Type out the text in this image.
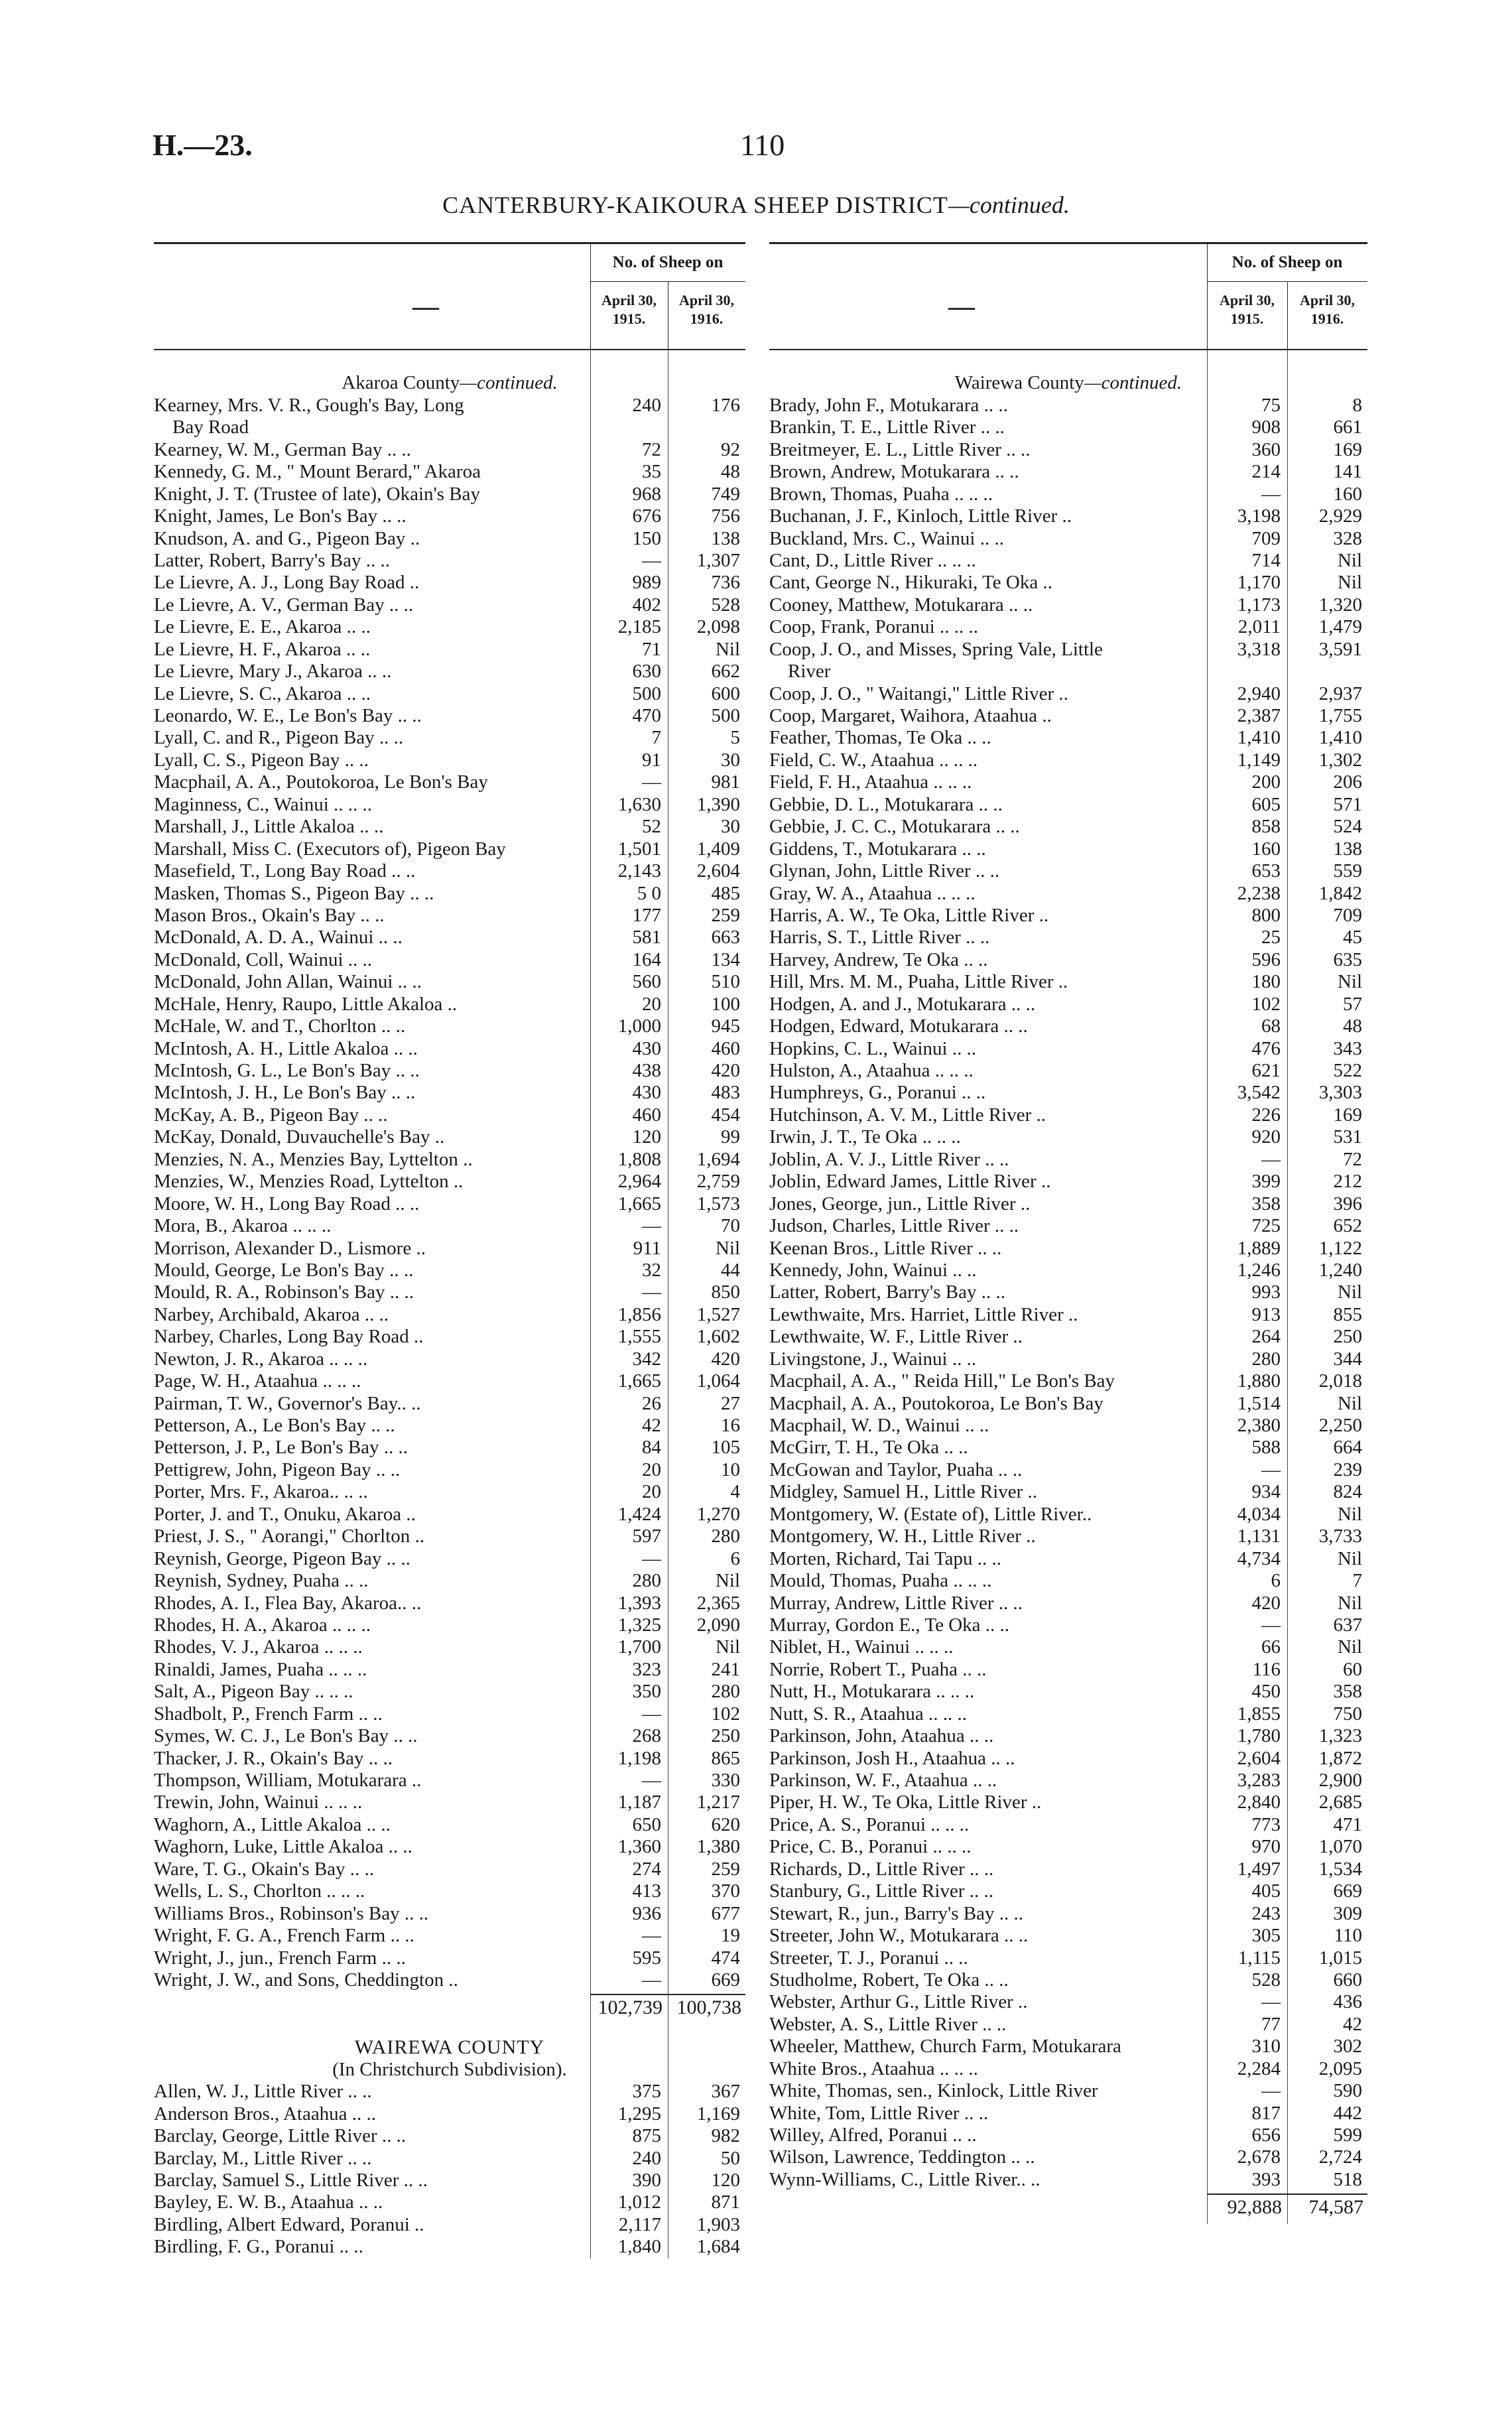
H.—23.	110
CANTERBURY-KAIKOURA SHEEP DISTRICT—continued.
—
No. of Sheep on
April 30,
1915.
April 30,
1916.
Akaroa County—continued.
Kearney, Mrs. V. R., Gough's Bay, Long	240	176
Bay Road
Kearney, W. M., German Bay .. ..	72	92
Kennedy, G. M., " Mount Berard," Akaroa	35	48
Knight, J. T. (Trustee of late), Okain's Bay	968	749
Knight, James, Le Bon's Bay .. ..	676	756
Knudson, A. and G., Pigeon Bay ..	150	138
Latter, Robert, Barry's Bay .. ..	—	1,307
Le Lievre, A. J., Long Bay Road ..	989	736
Le Lievre, A. V., German Bay .. ..	402	528
Le Lievre, E. E., Akaroa .. ..	2,185	2,098
Le Lievre, H. F., Akaroa .. ..	71	Nil
Le Lievre, Mary J., Akaroa .. ..	630	662
Le Lievre, S. C., Akaroa .. ..	500	600
Leonardo, W. E., Le Bon's Bay .. ..	470	500
Lyall, C. and R., Pigeon Bay .. ..	7	5
Lyall, C. S., Pigeon Bay .. ..	91	30
Macphail, A. A., Poutokoroa, Le Bon's Bay	—	981
Maginness, C., Wainui .. .. ..	1,630	1,390
Marshall, J., Little Akaloa .. ..	52	30
Marshall, Miss C. (Executors of), Pigeon Bay	1,501	1,409
Masefield, T., Long Bay Road .. ..	2,143	2,604
Masken, Thomas S., Pigeon Bay .. ..	5 0	485
Mason Bros., Okain's Bay .. ..	177	259
McDonald, A. D. A., Wainui .. ..	581	663
McDonald, Coll, Wainui .. ..	164	134
McDonald, John Allan, Wainui .. ..	560	510
McHale, Henry, Raupo, Little Akaloa ..	20	100
McHale, W. and T., Chorlton .. ..	1,000	945
McIntosh, A. H., Little Akaloa .. ..	430	460
McIntosh, G. L., Le Bon's Bay .. ..	438	420
McIntosh, J. H., Le Bon's Bay .. ..	430	483
McKay, A. B., Pigeon Bay .. ..	460	454
McKay, Donald, Duvauchelle's Bay ..	120	99
Menzies, N. A., Menzies Bay, Lyttelton ..	1,808	1,694
Menzies, W., Menzies Road, Lyttelton ..	2,964	2,759
Moore, W. H., Long Bay Road .. ..	1,665	1,573
Mora, B., Akaroa .. .. ..	—	70
Morrison, Alexander D., Lismore ..	911	Nil
Mould, George, Le Bon's Bay .. ..	32	44
Mould, R. A., Robinson's Bay .. ..	—	850
Narbey, Archibald, Akaroa .. ..	1,856	1,527
Narbey, Charles, Long Bay Road ..	1,555	1,602
Newton, J. R., Akaroa .. .. ..	342	420
Page, W. H., Ataahua .. .. ..	1,665	1,064
Pairman, T. W., Governor's Bay.. ..	26	27
Petterson, A., Le Bon's Bay .. ..	42	16
Petterson, J. P., Le Bon's Bay .. ..	84	105
Pettigrew, John, Pigeon Bay .. ..	20	10
Porter, Mrs. F., Akaroa.. .. ..	20	4
Porter, J. and T., Onuku, Akaroa ..	1,424	1,270
Priest, J. S., " Aorangi," Chorlton ..	597	280
Reynish, George, Pigeon Bay .. ..	—	6
Reynish, Sydney, Puaha .. ..	280	Nil
Rhodes, A. I., Flea Bay, Akaroa.. ..	1,393	2,365
Rhodes, H. A., Akaroa .. .. ..	1,325	2,090
Rhodes, V. J., Akaroa .. .. ..	1,700	Nil
Rinaldi, James, Puaha .. .. ..	323	241
Salt, A., Pigeon Bay .. .. ..	350	280
Shadbolt, P., French Farm .. ..	—	102
Symes, W. C. J., Le Bon's Bay .. ..	268	250
Thacker, J. R., Okain's Bay .. ..	1,198	865
Thompson, William, Motukarara ..	—	330
Trewin, John, Wainui .. .. ..	1,187	1,217
Waghorn, A., Little Akaloa .. ..	650	620
Waghorn, Luke, Little Akaloa .. ..	1,360	1,380
Ware, T. G., Okain's Bay .. ..	274	259
Wells, L. S., Chorlton .. .. ..	413	370
Williams Bros., Robinson's Bay .. ..	936	677
Wright, F. G. A., French Farm .. ..	—	19
Wright, J., jun., French Farm .. ..	595	474
Wright, J. W., and Sons, Cheddington ..	—	669
102,739 100,738
WAIREWA COUNTY
(In Christchurch Subdivision).
Allen, W. J., Little River .. ..	375	367
Anderson Bros., Ataahua .. ..	1,295	1,169
Barclay, George, Little River .. ..	875	982
Barclay, M., Little River .. ..	240	50
Barclay, Samuel S., Little River .. ..	390	120
Bayley, E. W. B., Ataahua .. ..	1,012	871
Birdling, Albert Edward, Poranui ..	2,117	1,903
Birdling, F. G., Poranui .. ..	1,840	1,684
—
No. of Sheep on
April 30,
1915.
April 30,
1916.
Wairewa County—continued.
Brady, John F., Motukarara .. ..	75	8
Brankin, T. E., Little River .. ..	908	661
Breitmeyer, E. L., Little River .. ..	360	169
Brown, Andrew, Motukarara .. ..	214	141
Brown, Thomas, Puaha .. .. ..	—	160
Buchanan, J. F., Kinloch, Little River ..	3,198	2,929
Buckland, Mrs. C., Wainui .. ..	709	328
Cant, D., Little River .. .. ..	714	Nil
Cant, George N., Hikuraki, Te Oka ..	1,170	Nil
Cooney, Matthew, Motukarara .. ..	1,173	1,320
Coop, Frank, Poranui .. .. ..	2,011	1,479
Coop, J. O., and Misses, Spring Vale, Little	3,318	3,591
River
Coop, J. O., " Waitangi," Little River ..	2,940	2,937
Coop, Margaret, Waihora, Ataahua ..	2,387	1,755
Feather, Thomas, Te Oka .. ..	1,410	1,410
Field, C. W., Ataahua .. .. ..	1,149	1,302
Field, F. H., Ataahua .. .. ..	200	206
Gebbie, D. L., Motukarara .. ..	605	571
Gebbie, J. C. C., Motukarara .. ..	858	524
Giddens, T., Motukarara .. ..	160	138
Glynan, John, Little River .. ..	653	559
Gray, W. A., Ataahua .. .. ..	2,238	1,842
Harris, A. W., Te Oka, Little River ..	800	709
Harris, S. T., Little River .. ..	25	45
Harvey, Andrew, Te Oka .. ..	596	635
Hill, Mrs. M. M., Puaha, Little River ..	180	Nil
Hodgen, A. and J., Motukarara .. ..	102	57
Hodgen, Edward, Motukarara .. ..	68	48
Hopkins, C. L., Wainui .. ..	476	343
Hulston, A., Ataahua .. .. ..	621	522
Humphreys, G., Poranui .. ..	3,542	3,303
Hutchinson, A. V. M., Little River ..	226	169
Irwin, J. T., Te Oka .. .. ..	920	531
Joblin, A. V. J., Little River .. ..	—	72
Joblin, Edward James, Little River ..	399	212
Jones, George, jun., Little River ..	358	396
Judson, Charles, Little River .. ..	725	652
Keenan Bros., Little River .. ..	1,889	1,122
Kennedy, John, Wainui .. ..	1,246	1,240
Latter, Robert, Barry's Bay .. ..	993	Nil
Lewthwaite, Mrs. Harriet, Little River ..	913	855
Lewthwaite, W. F., Little River ..	264	250
Livingstone, J., Wainui .. ..	280	344
Macphail, A. A., " Reida Hill," Le Bon's Bay	1,880	2,018
Macphail, A. A., Poutokoroa, Le Bon's Bay	1,514	Nil
Macphail, W. D., Wainui .. ..	2,380	2,250
McGirr, T. H., Te Oka .. ..	588	664
McGowan and Taylor, Puaha .. ..	—	239
Midgley, Samuel H., Little River ..	934	824
Montgomery, W. (Estate of), Little River..	4,034	Nil
Montgomery, W. H., Little River ..	1,131	3,733
Morten, Richard, Tai Tapu .. ..	4,734	Nil
Mould, Thomas, Puaha .. .. ..	6	7
Murray, Andrew, Little River .. ..	420	Nil
Murray, Gordon E., Te Oka .. ..	—	637
Niblet, H., Wainui .. .. ..	66	Nil
Norrie, Robert T., Puaha .. ..	116	60
Nutt, H., Motukarara .. .. ..	450	358
Nutt, S. R., Ataahua .. .. ..	1,855	750
Parkinson, John, Ataahua .. ..	1,780	1,323
Parkinson, Josh H., Ataahua .. ..	2,604	1,872
Parkinson, W. F., Ataahua .. ..	3,283	2,900
Piper, H. W., Te Oka, Little River ..	2,840	2,685
Price, A. S., Poranui .. .. ..	773	471
Price, C. B., Poranui .. .. ..	970	1,070
Richards, D., Little River .. ..	1,497	1,534
Stanbury, G., Little River .. ..	405	669
Stewart, R., jun., Barry's Bay .. ..	243	309
Streeter, John W., Motukarara .. ..	305	110
Streeter, T. J., Poranui .. ..	1,115	1,015
Studholme, Robert, Te Oka .. ..	528	660
Webster, Arthur G., Little River ..	—	436
Webster, A. S., Little River .. ..	77	42
Wheeler, Matthew, Church Farm, Motukarara	310	302
White Bros., Ataahua .. .. ..	2,284	2,095
White, Thomas, sen., Kinlock, Little River	—	590
White, Tom, Little River .. ..	817	442
Willey, Alfred, Poranui .. ..	656	599
Wilson, Lawrence, Teddington .. ..	2,678	2,724
Wynn-Williams, C., Little River.. ..	393	518
92,888	74,587
